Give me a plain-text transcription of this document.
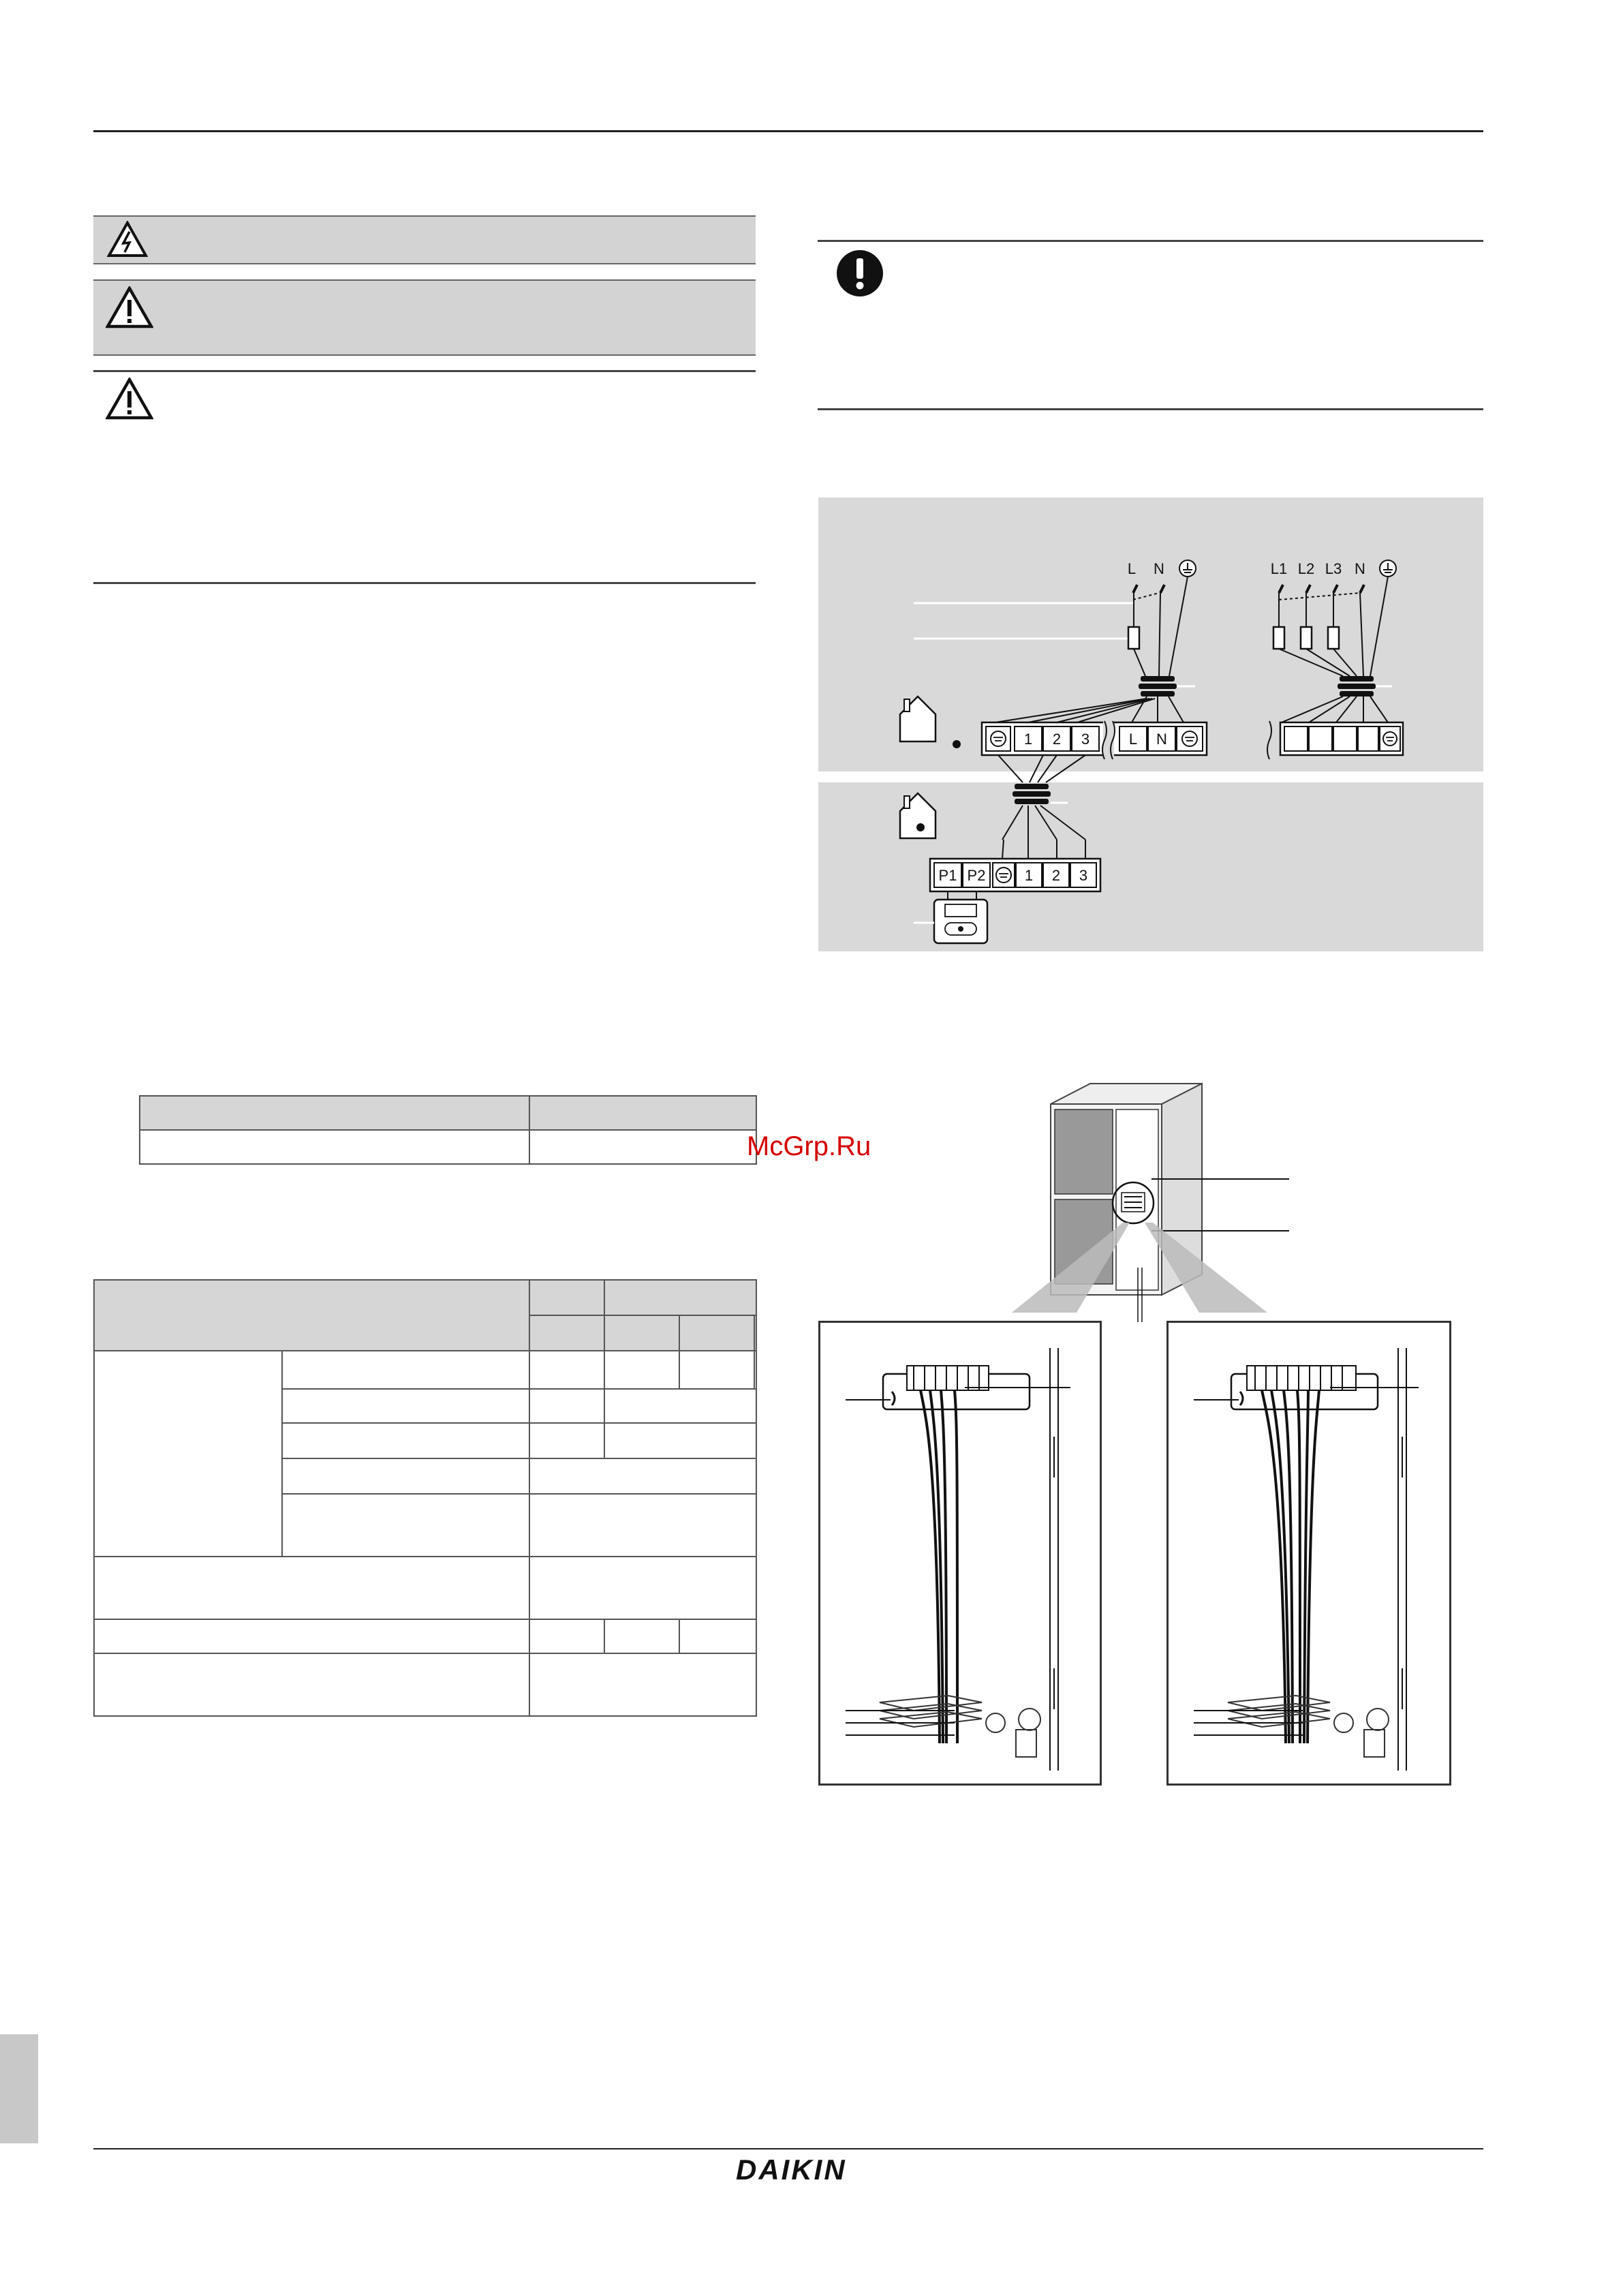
L N	L1 L2 L3 N
1 2 3	L N
P1 P2	1 2 3
McGrp.Ru
DAIKIN
